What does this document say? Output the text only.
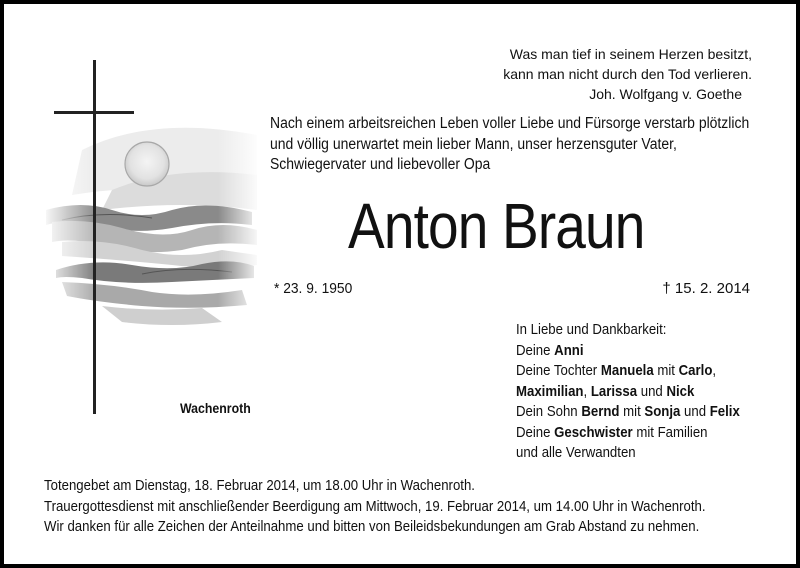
Was man tief in seinem Herzen besitzt,
kann man nicht durch den Tod verlieren.
Joh. Wolfgang v. Goethe
Nach einem arbeitsreichen Leben voller Liebe und Fürsorge verstarb plötzlich
und völlig unerwartet mein lieber Mann, unser herzensguter Vater,
Schwiegervater und liebevoller Opa
Anton Braun
* 23. 9. 1950	† 15. 2. 2014
Wachenroth
In Liebe und Dankbarkeit:
Deine Anni
Deine Tochter Manuela mit Carlo,
Maximilian, Larissa und Nick
Dein Sohn Bernd mit Sonja und Felix
Deine Geschwister mit Familien
und alle Verwandten
Totengebet am Dienstag, 18. Februar 2014, um 18.00 Uhr in Wachenroth.
Trauergottesdienst mit anschließender Beerdigung am Mittwoch, 19. Februar 2014, um 14.00 Uhr in Wachenroth.
Wir danken für alle Zeichen der Anteilnahme und bitten von Beileidsbekundungen am Grab Abstand zu nehmen.
